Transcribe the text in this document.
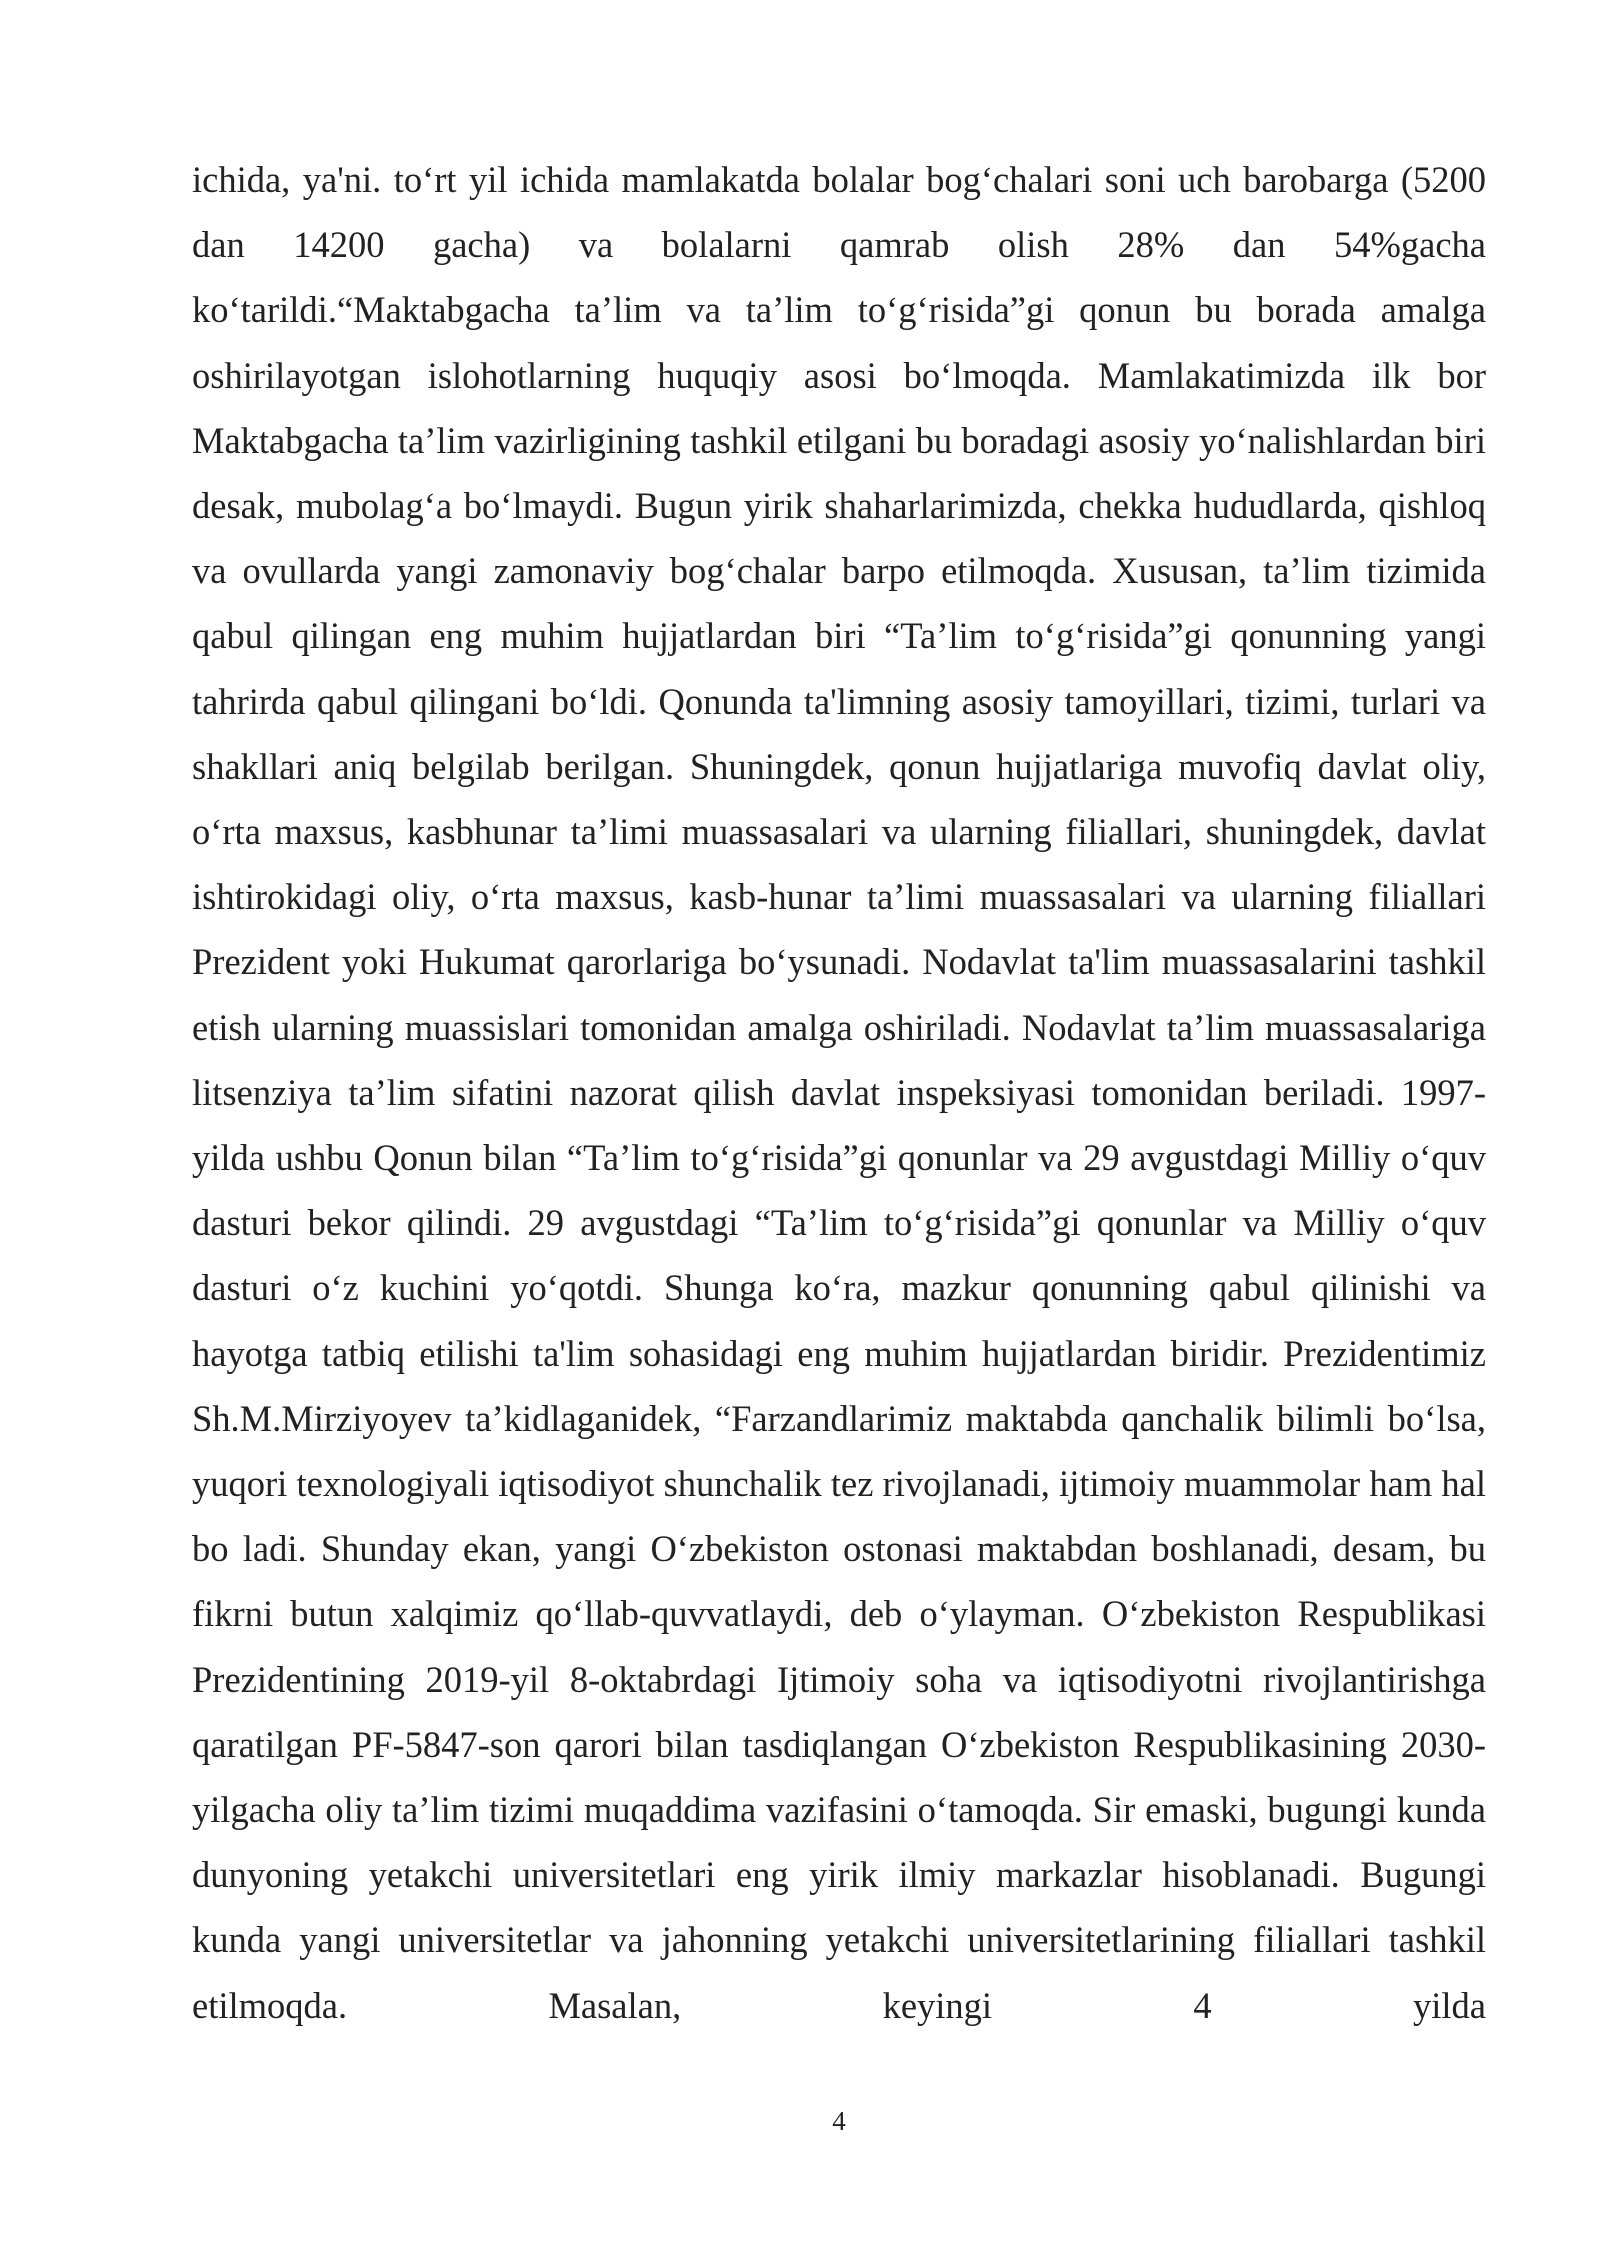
ichida, ya'ni. to‘rt yil ichida mamlakatda bolalar bog‘chalari soni uch barobarga (5200 dan 14200 gacha) va bolalarni qamrab olish 28% dan 54%gacha ko‘tarildi.“Maktabgacha ta’lim va ta’lim to‘g‘risida”gi qonun bu borada amalga oshirilayotgan islohotlarning huquqiy asosi bo‘lmoqda. Mamlakatimizda ilk bor Maktabgacha ta’lim vazirligining tashkil etilgani bu boradagi asosiy yo‘nalishlardan biri desak, mubolag‘a bo‘lmaydi. Bugun yirik shaharlarimizda, chekka hududlarda, qishloq va ovullarda yangi zamonaviy bog‘chalar barpo etilmoqda. Xususan, ta’lim tizimida qabul qilingan eng muhim hujjatlardan biri “Ta’lim to‘g‘risida”gi qonunning yangi tahrirda qabul qilingani bo‘ldi. Qonunda ta'limning asosiy tamoyillari, tizimi, turlari va shakllari aniq belgilab berilgan. Shuningdek, qonun hujjatlariga muvofiq davlat oliy, o‘rta maxsus, kasbhunar ta’limi muassasalari va ularning filiallari, shuningdek, davlat ishtirokidagi oliy, o‘rta maxsus, kasb-hunar ta’limi muassasalari va ularning filiallari Prezident yoki Hukumat qarorlariga bo‘ysunadi. Nodavlat ta'lim muassasalarini tashkil etish ularning muassislari tomonidan amalga oshiriladi. Nodavlat ta’lim muassasalariga litsenziya ta’lim sifatini nazorat qilish davlat inspeksiyasi tomonidan beriladi. 1997-yilda ushbu Qonun bilan “Ta’lim to‘g‘risida”gi qonunlar va 29 avgustdagi Milliy o‘quv dasturi bekor qilindi. 29 avgustdagi “Ta’lim to‘g‘risida”gi qonunlar va Milliy o‘quv dasturi o‘z kuchini yo‘qotdi. Shunga ko‘ra, mazkur qonunning qabul qilinishi va hayotga tatbiq etilishi ta'lim sohasidagi eng muhim hujjatlardan biridir. Prezidentimiz Sh.M.Mirziyoyev ta’kidlaganidek, “Farzandlarimiz maktabda qanchalik bilimli bo‘lsa, yuqori texnologiyali iqtisodiyot shunchalik tez rivojlanadi, ijtimoiy muammolar ham hal bo ladi. Shunday ekan, yangi O‘zbekiston ostonasi maktabdan boshlanadi, desam, bu fikrni butun xalqimiz qo‘llab-quvvatlaydi, deb o‘ylayman. O‘zbekiston Respublikasi Prezidentining 2019-yil 8-oktabrdagi Ijtimoiy soha va iqtisodiyotni rivojlantirishga qaratilgan PF-5847-son qarori bilan tasdiqlangan O‘zbekiston Respublikasining 2030- yilgacha oliy ta’lim tizimi muqaddima vazifasini o‘tamoqda. Sir emaski, bugungi kunda dunyoning yetakchi universitetlari eng yirik ilmiy markazlar hisoblanadi. Bugungi kunda yangi universitetlar va jahonning yetakchi universitetlarining filiallari tashkil etilmoqda. Masalan, keyingi 4 yilda

4
